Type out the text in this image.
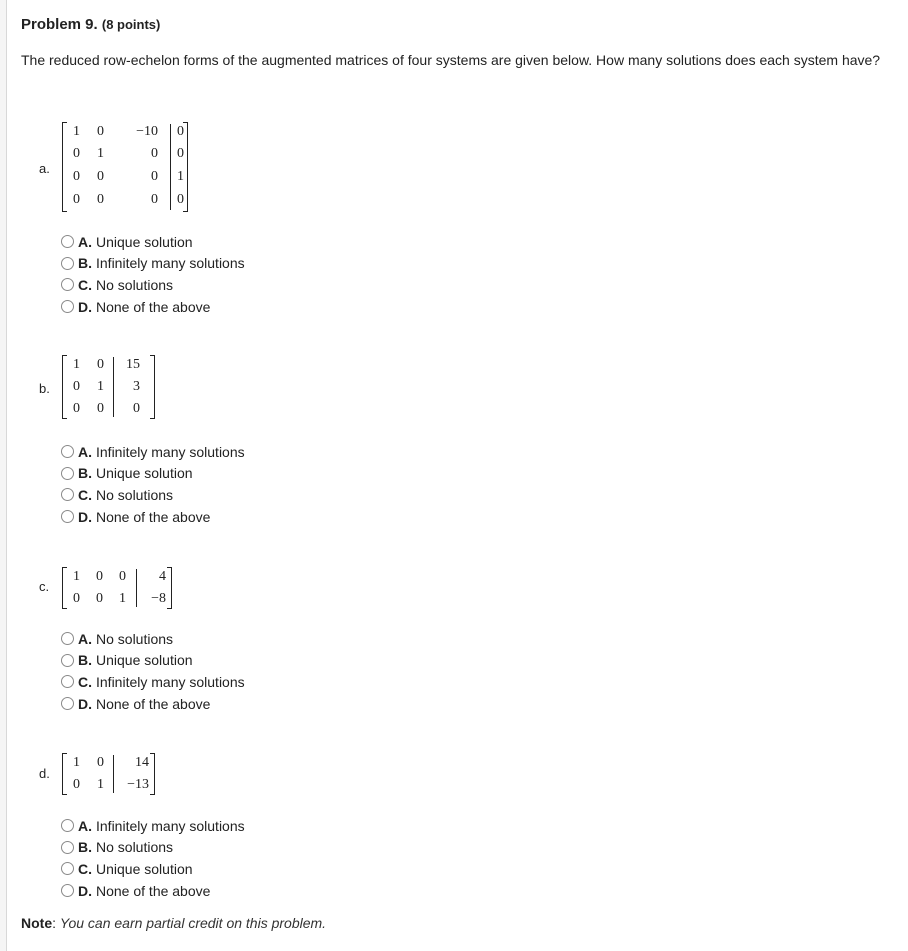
Problem 9. (8 points)
The reduced row-echelon forms of the augmented matrices of four systems are given below. How many solutions does each system have?
a.
1	0	−10	0
0	1	0	0
0	0	0	1
0	0	0	0
A. Unique solution
B. Infinitely many solutions
C. No solutions
D. None of the above
b.
1	0	15
0	1	3
0	0	0
A. Infinitely many solutions
B. Unique solution
C. No solutions
D. None of the above
c.
1	0	0	4
0	0	1	−8
A. No solutions
B. Unique solution
C. Infinitely many solutions
D. None of the above
d.
1	0	14
0	1	−13
A. Infinitely many solutions
B. No solutions
C. Unique solution
D. None of the above
Note: You can earn partial credit on this problem.
